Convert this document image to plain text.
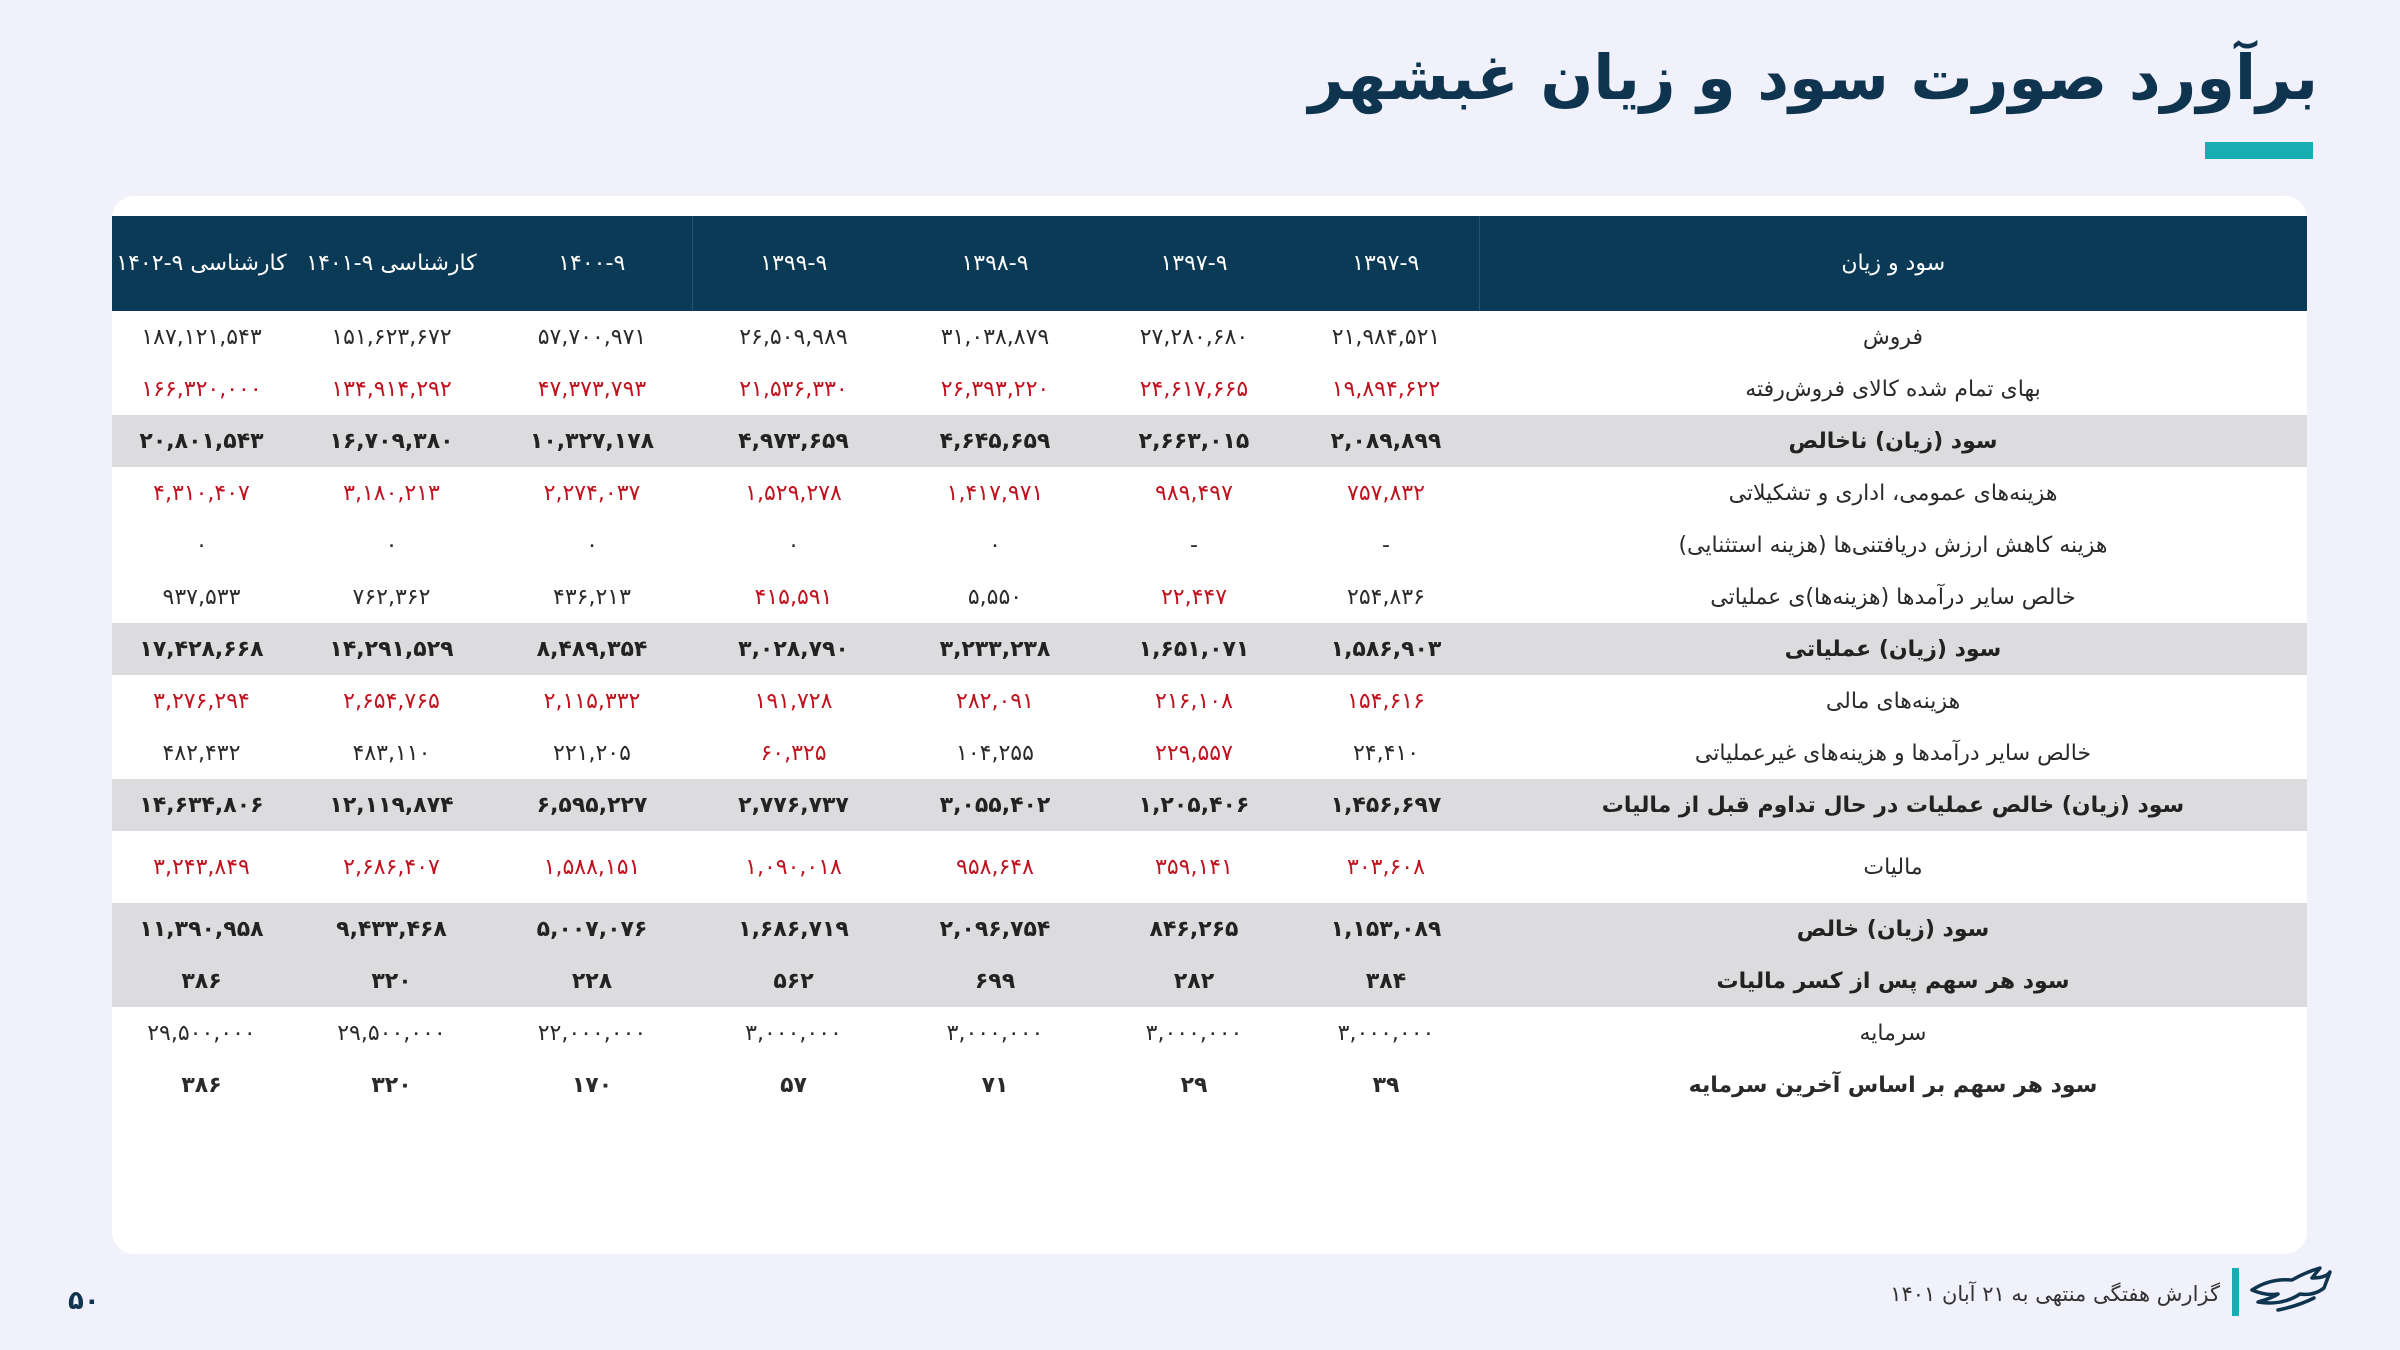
برآورد صورت سود و زیان غبشهر
سود و زیان	۱۳۹۷-۹	۱۳۹۷-۹	۱۳۹۸-۹	۱۳۹۹-۹	۱۴۰۰-۹	کارشناسی ۹-۱۴۰۱	کارشناسی ۹-۱۴۰۲
فروش	۲۱,۹۸۴,۵۲۱	۲۷,۲۸۰,۶۸۰	۳۱,۰۳۸,۸۷۹	۲۶,۵۰۹,۹۸۹	۵۷,۷۰۰,۹۷۱	۱۵۱,۶۲۳,۶۷۲	۱۸۷,۱۲۱,۵۴۳
بهای تمام شده کالای فروش‌رفته	۱۹,۸۹۴,۶۲۲	۲۴,۶۱۷,۶۶۵	۲۶,۳۹۳,۲۲۰	۲۱,۵۳۶,۳۳۰	۴۷,۳۷۳,۷۹۳	۱۳۴,۹۱۴,۲۹۲	۱۶۶,۳۲۰,۰۰۰
سود (زیان) ناخالص	۲,۰۸۹,۸۹۹	۲,۶۶۳,۰۱۵	۴,۶۴۵,۶۵۹	۴,۹۷۳,۶۵۹	۱۰,۳۲۷,۱۷۸	۱۶,۷۰۹,۳۸۰	۲۰,۸۰۱,۵۴۳
هزینه‌های عمومی، اداری و تشکیلاتی	۷۵۷,۸۳۲	۹۸۹,۴۹۷	۱,۴۱۷,۹۷۱	۱,۵۲۹,۲۷۸	۲,۲۷۴,۰۳۷	۳,۱۸۰,۲۱۳	۴,۳۱۰,۴۰۷
هزینه کاهش ارزش دریافتنی‌ها (هزینه استثنایی)	-	-	۰	۰	۰	۰	۰
خالص سایر درآمدها (هزینه‌ها)ی عملیاتی	۲۵۴,۸۳۶	۲۲,۴۴۷	۵,۵۵۰	۴۱۵,۵۹۱	۴۳۶,۲۱۳	۷۶۲,۳۶۲	۹۳۷,۵۳۳
سود (زیان) عملیاتی	۱,۵۸۶,۹۰۳	۱,۶۵۱,۰۷۱	۳,۲۳۳,۲۳۸	۳,۰۲۸,۷۹۰	۸,۴۸۹,۳۵۴	۱۴,۲۹۱,۵۲۹	۱۷,۴۲۸,۶۶۸
هزینه‌های مالی	۱۵۴,۶۱۶	۲۱۶,۱۰۸	۲۸۲,۰۹۱	۱۹۱,۷۲۸	۲,۱۱۵,۳۳۲	۲,۶۵۴,۷۶۵	۳,۲۷۶,۲۹۴
خالص سایر درآمدها و هزینه‌های غیرعملیاتی	۲۴,۴۱۰	۲۲۹,۵۵۷	۱۰۴,۲۵۵	۶۰,۳۲۵	۲۲۱,۲۰۵	۴۸۳,۱۱۰	۴۸۲,۴۳۲
سود (زیان) خالص عملیات در حال تداوم قبل از مالیات	۱,۴۵۶,۶۹۷	۱,۲۰۵,۴۰۶	۳,۰۵۵,۴۰۲	۲,۷۷۶,۷۳۷	۶,۵۹۵,۲۲۷	۱۲,۱۱۹,۸۷۴	۱۴,۶۳۴,۸۰۶
مالیات	۳۰۳,۶۰۸	۳۵۹,۱۴۱	۹۵۸,۶۴۸	۱,۰۹۰,۰۱۸	۱,۵۸۸,۱۵۱	۲,۶۸۶,۴۰۷	۳,۲۴۳,۸۴۹
سود (زیان) خالص	۱,۱۵۳,۰۸۹	۸۴۶,۲۶۵	۲,۰۹۶,۷۵۴	۱,۶۸۶,۷۱۹	۵,۰۰۷,۰۷۶	۹,۴۳۳,۴۶۸	۱۱,۳۹۰,۹۵۸
سود هر سهم پس از کسر مالیات	۳۸۴	۲۸۲	۶۹۹	۵۶۲	۲۲۸	۳۲۰	۳۸۶
سرمایه	۳,۰۰۰,۰۰۰	۳,۰۰۰,۰۰۰	۳,۰۰۰,۰۰۰	۳,۰۰۰,۰۰۰	۲۲,۰۰۰,۰۰۰	۲۹,۵۰۰,۰۰۰	۲۹,۵۰۰,۰۰۰
سود هر سهم بر اساس آخرین سرمایه	۳۹	۲۹	۷۱	۵۷	۱۷۰	۳۲۰	۳۸۶
۵۰	گزارش هفتگی منتهی به ۲۱ آبان ۱۴۰۱
